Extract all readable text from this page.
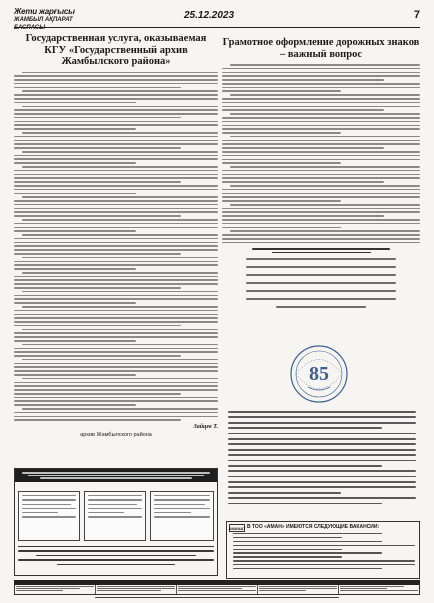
Жети жарғысы
ЖАМБЫЛ АҚПАРАТ БАСПАСЫ
25.12.2023	7
Государственная услуга, оказываемая КГУ «Государственный архив Жамбылского района»
Зайцев Т.
архив Жамбылского района
Грамотное оформление дорожных знаков – важный вопрос
85
AMANAT В ТОО «АМАН» ИМЕЮТСЯ СЛЕДУЮЩИЕ ВАКАНСИИ:
